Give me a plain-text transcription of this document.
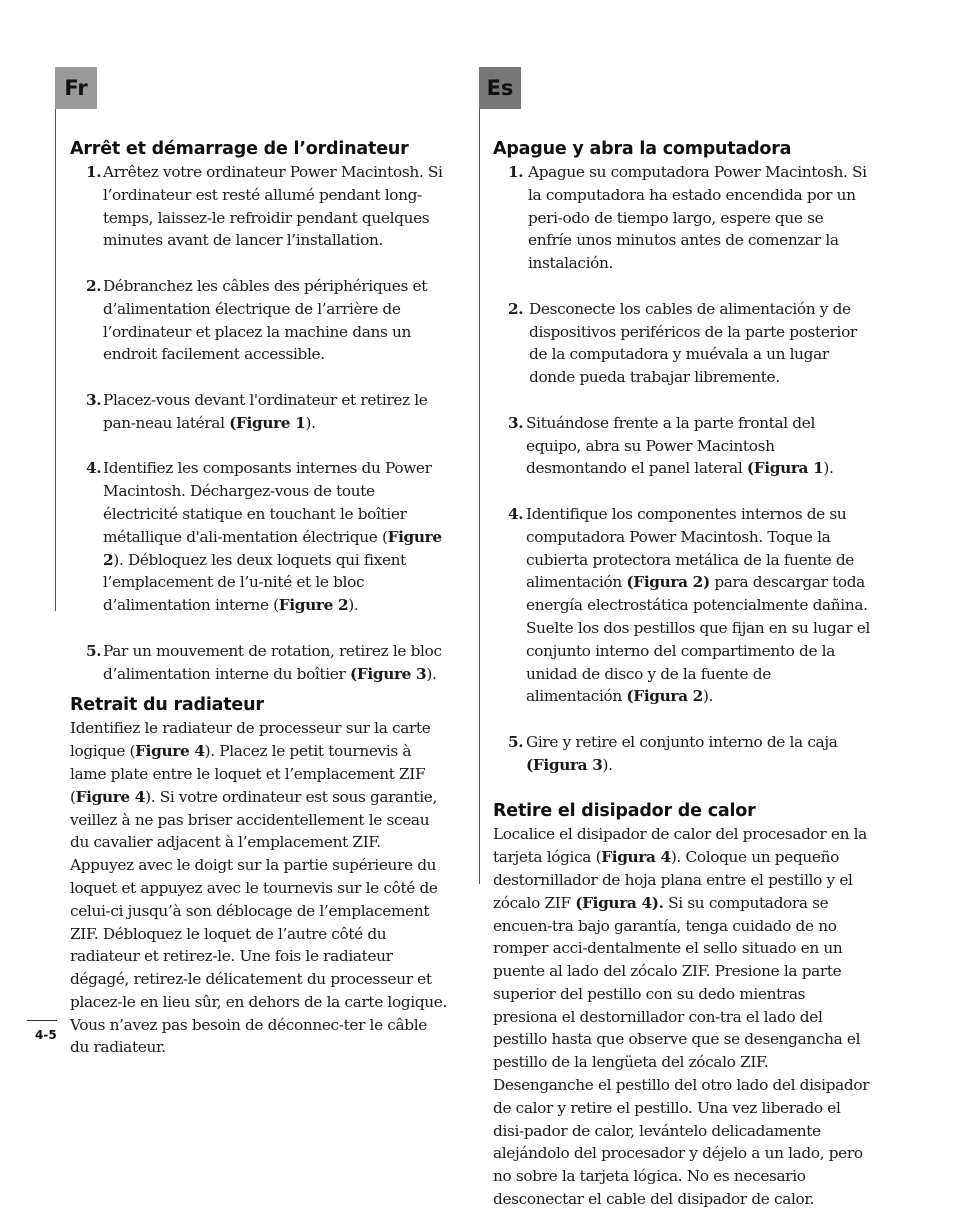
Fr	Es
Arrêt et démarrage de l’ordinateur
1. Arrêtez votre ordinateur Power Macintosh. Si l’ordinateur est resté allumé pendant long-temps, laissez-le refroidir pendant quelques minutes avant de lancer l’installation.
2. Débranchez les câbles des périphériques et d’alimentation électrique de l’arrière de l’ordinateur et placez la machine dans un endroit facilement accessible.
3. Placez-vous devant l'ordinateur et retirez le pan-neau latéral (Figure 1).
4. Identifiez les composants internes du Power Macintosh. Déchargez-vous de toute électricité statique en touchant le boîtier métallique d'ali-mentation électrique (Figure 2). Débloquez les deux loquets qui fixent l’emplacement de l’u-nité et le bloc d’alimentation interne (Figure 2).
5. Par un mouvement de rotation, retirez le bloc d’alimentation interne du boîtier (Figure 3).
Retrait du radiateur

Identifiez le radiateur de processeur sur la carte logique (Figure 4). Placez le petit tournevis à lame plate entre le loquet et l’emplacement ZIF (Figure 4). Si votre ordinateur est sous garantie, veillez à ne pas briser accidentellement le sceau du cavalier adjacent à l’emplacement ZIF. Appuyez avec le doigt sur la partie supérieure du loquet et appuyez avec le tournevis sur le côté de celui-ci jusqu’à son déblocage de l’emplacement ZIF. Débloquez le loquet de l’autre côté du radiateur et retirez-le. Une fois le radiateur dégagé, retirez-le délicatement du processeur et placez-le en lieu sûr, en dehors de la carte logique. Vous n’avez pas besoin de déconnec-ter le câble du radiateur.

Apague y abra la computadora
1. Apague su computadora Power Macintosh. Si la computadora ha estado encendida por un peri-odo de tiempo largo, espere que se enfríe unos minutos antes de comenzar la instalación.
2. Desconecte los cables de alimentación y de dispositivos periféricos de la parte posterior de la computadora y muévala a un lugar donde pueda trabajar libremente.
3. Situándose frente a la parte frontal del equipo, abra su Power Macintosh desmontando el panel lateral (Figura 1).
4. Identifique los componentes internos de su computadora Power Macintosh. Toque la cubierta protectora metálica de la fuente de alimentación (Figura 2) para descargar toda energía electrostática potencialmente dañina. Suelte los dos pestillos que fijan en su lugar el conjunto interno del compartimento de la unidad de disco y de la fuente de alimentación (Figura 2).
5. Gire y retire el conjunto interno de la caja (Figura 3).
Retire el disipador de calor

Localice el disipador de calor del procesador en la tarjeta lógica (Figura 4). Coloque un pequeño destornillador de hoja plana entre el pestillo y el zócalo ZIF (Figura 4). Si su computadora se encuen-tra bajo garantía, tenga cuidado de no romper acci-dentalmente el sello situado en un puente al lado del zócalo ZIF. Presione la parte superior del pestillo con su dedo mientras presiona el destornillador con-tra el lado del pestillo hasta que observe que se desengancha el pestillo de la lengüeta del zócalo ZIF. Desenganche el pestillo del otro lado del disipador de calor y retire el pestillo. Una vez liberado el disi-pador de calor, levántelo delicadamente alejándolo del procesador y déjelo a un lado, pero no sobre la tarjeta lógica. No es necesario desconectar el cable del disipador de calor.

4-5
